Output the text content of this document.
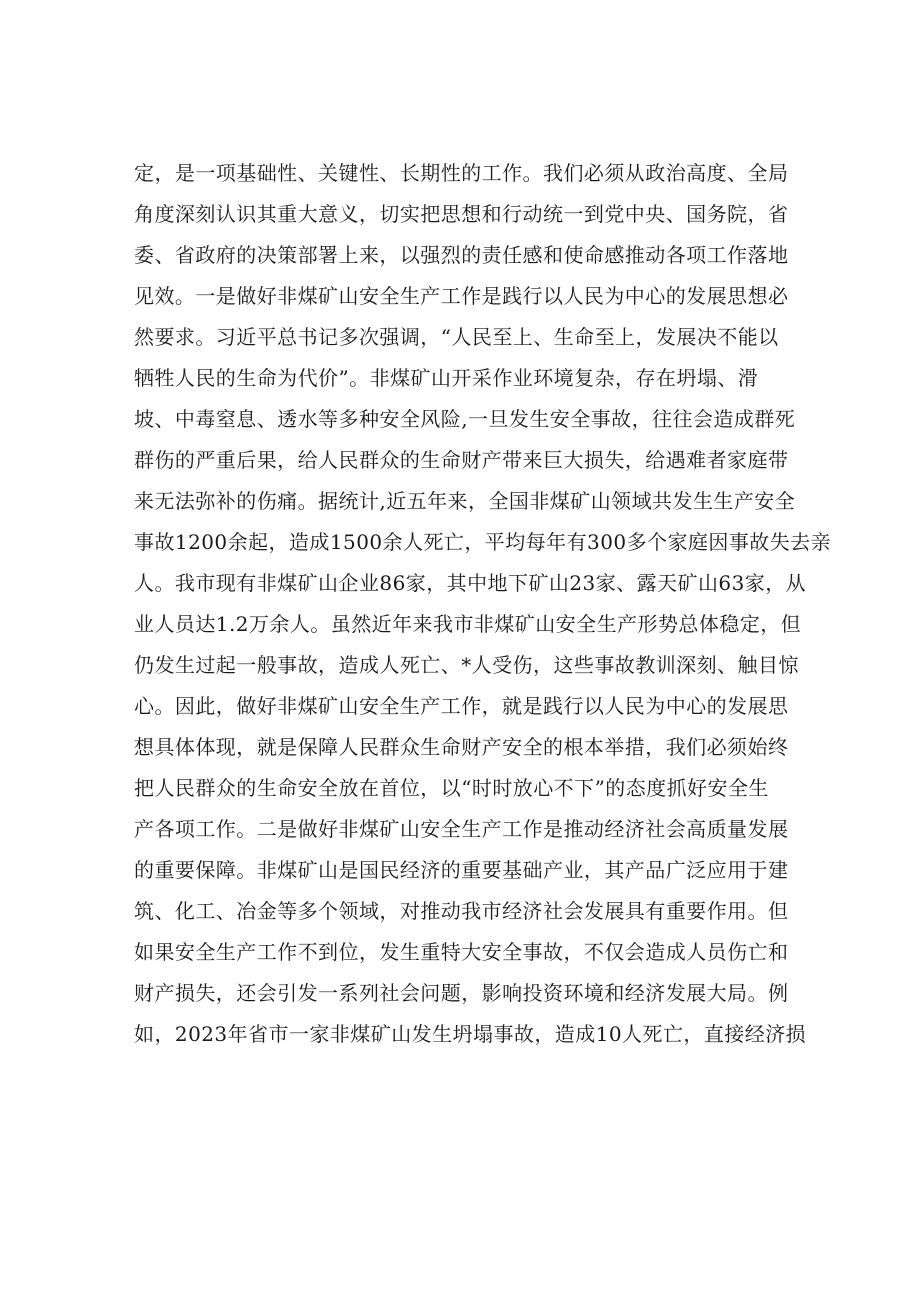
定，是一项基础性、关键性、长期性的工作。我们必须从政治高度、全局
角度深刻认识其重大意义，切实把思想和行动统一到党中央、国务院，省
委、省政府的决策部署上来，以强烈的责任感和使命感推动各项工作落地
见效。一是做好非煤矿山安全生产工作是践行以人民为中心的发展思想必
然要求。习近平总书记多次强调，“人民至上、生命至上，发展决不能以
牺牲人民的生命为代价”。非煤矿山开采作业环境复杂，存在坍塌、滑
坡、中毒窒息、透水等多种安全风险,一旦发生安全事故，往往会造成群死
群伤的严重后果，给人民群众的生命财产带来巨大损失，给遇难者家庭带
来无法弥补的伤痛。据统计,近五年来，全国非煤矿山领域共发生生产安全
事故1200余起，造成1500余人死亡，平均每年有300多个家庭因事故失去亲
人。我市现有非煤矿山企业86家，其中地下矿山23家、露天矿山63家，从
业人员达1.2万余人。虽然近年来我市非煤矿山安全生产形势总体稳定，但
仍发生过起一般事故，造成人死亡、*人受伤，这些事故教训深刻、触目惊
心。因此，做好非煤矿山安全生产工作，就是践行以人民为中心的发展思
想具体体现，就是保障人民群众生命财产安全的根本举措，我们必须始终
把人民群众的生命安全放在首位，以“时时放心不下”的态度抓好安全生
产各项工作。二是做好非煤矿山安全生产工作是推动经济社会高质量发展
的重要保障。非煤矿山是国民经济的重要基础产业，其产品广泛应用于建
筑、化工、冶金等多个领域，对推动我市经济社会发展具有重要作用。但
如果安全生产工作不到位，发生重特大安全事故，不仅会造成人员伤亡和
财产损失，还会引发一系列社会问题，影响投资环境和经济发展大局。例
如，2023年省市一家非煤矿山发生坍塌事故，造成10人死亡，直接经济损
